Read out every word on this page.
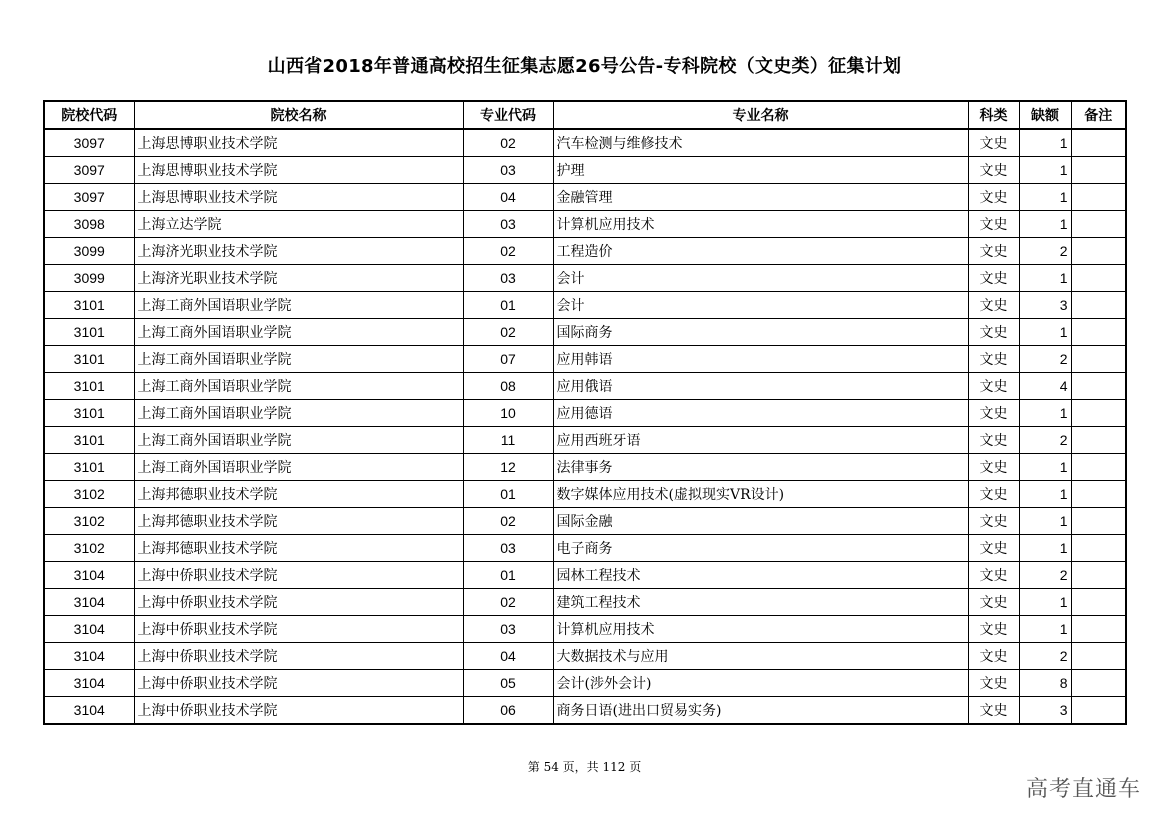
山西省2018年普通高校招生征集志愿26号公告-专科院校（文史类）征集计划
院校代码	院校名称	专业代码	专业名称	科类	缺额	备注
3097	上海思博职业技术学院	02	汽车检测与维修技术	文史	1	
3097	上海思博职业技术学院	03	护理	文史	1	
3097	上海思博职业技术学院	04	金融管理	文史	1	
3098	上海立达学院	03	计算机应用技术	文史	1	
3099	上海济光职业技术学院	02	工程造价	文史	2	
3099	上海济光职业技术学院	03	会计	文史	1	
3101	上海工商外国语职业学院	01	会计	文史	3	
3101	上海工商外国语职业学院	02	国际商务	文史	1	
3101	上海工商外国语职业学院	07	应用韩语	文史	2	
3101	上海工商外国语职业学院	08	应用俄语	文史	4	
3101	上海工商外国语职业学院	10	应用德语	文史	1	
3101	上海工商外国语职业学院	11	应用西班牙语	文史	2	
3101	上海工商外国语职业学院	12	法律事务	文史	1	
3102	上海邦德职业技术学院	01	数字媒体应用技术(虚拟现实VR设计)	文史	1	
3102	上海邦德职业技术学院	02	国际金融	文史	1	
3102	上海邦德职业技术学院	03	电子商务	文史	1	
3104	上海中侨职业技术学院	01	园林工程技术	文史	2	
3104	上海中侨职业技术学院	02	建筑工程技术	文史	1	
3104	上海中侨职业技术学院	03	计算机应用技术	文史	1	
3104	上海中侨职业技术学院	04	大数据技术与应用	文史	2	
3104	上海中侨职业技术学院	05	会计(涉外会计)	文史	8	
3104	上海中侨职业技术学院	06	商务日语(进出口贸易实务)	文史	3	
第 54 页，共 112 页
高考直通车
